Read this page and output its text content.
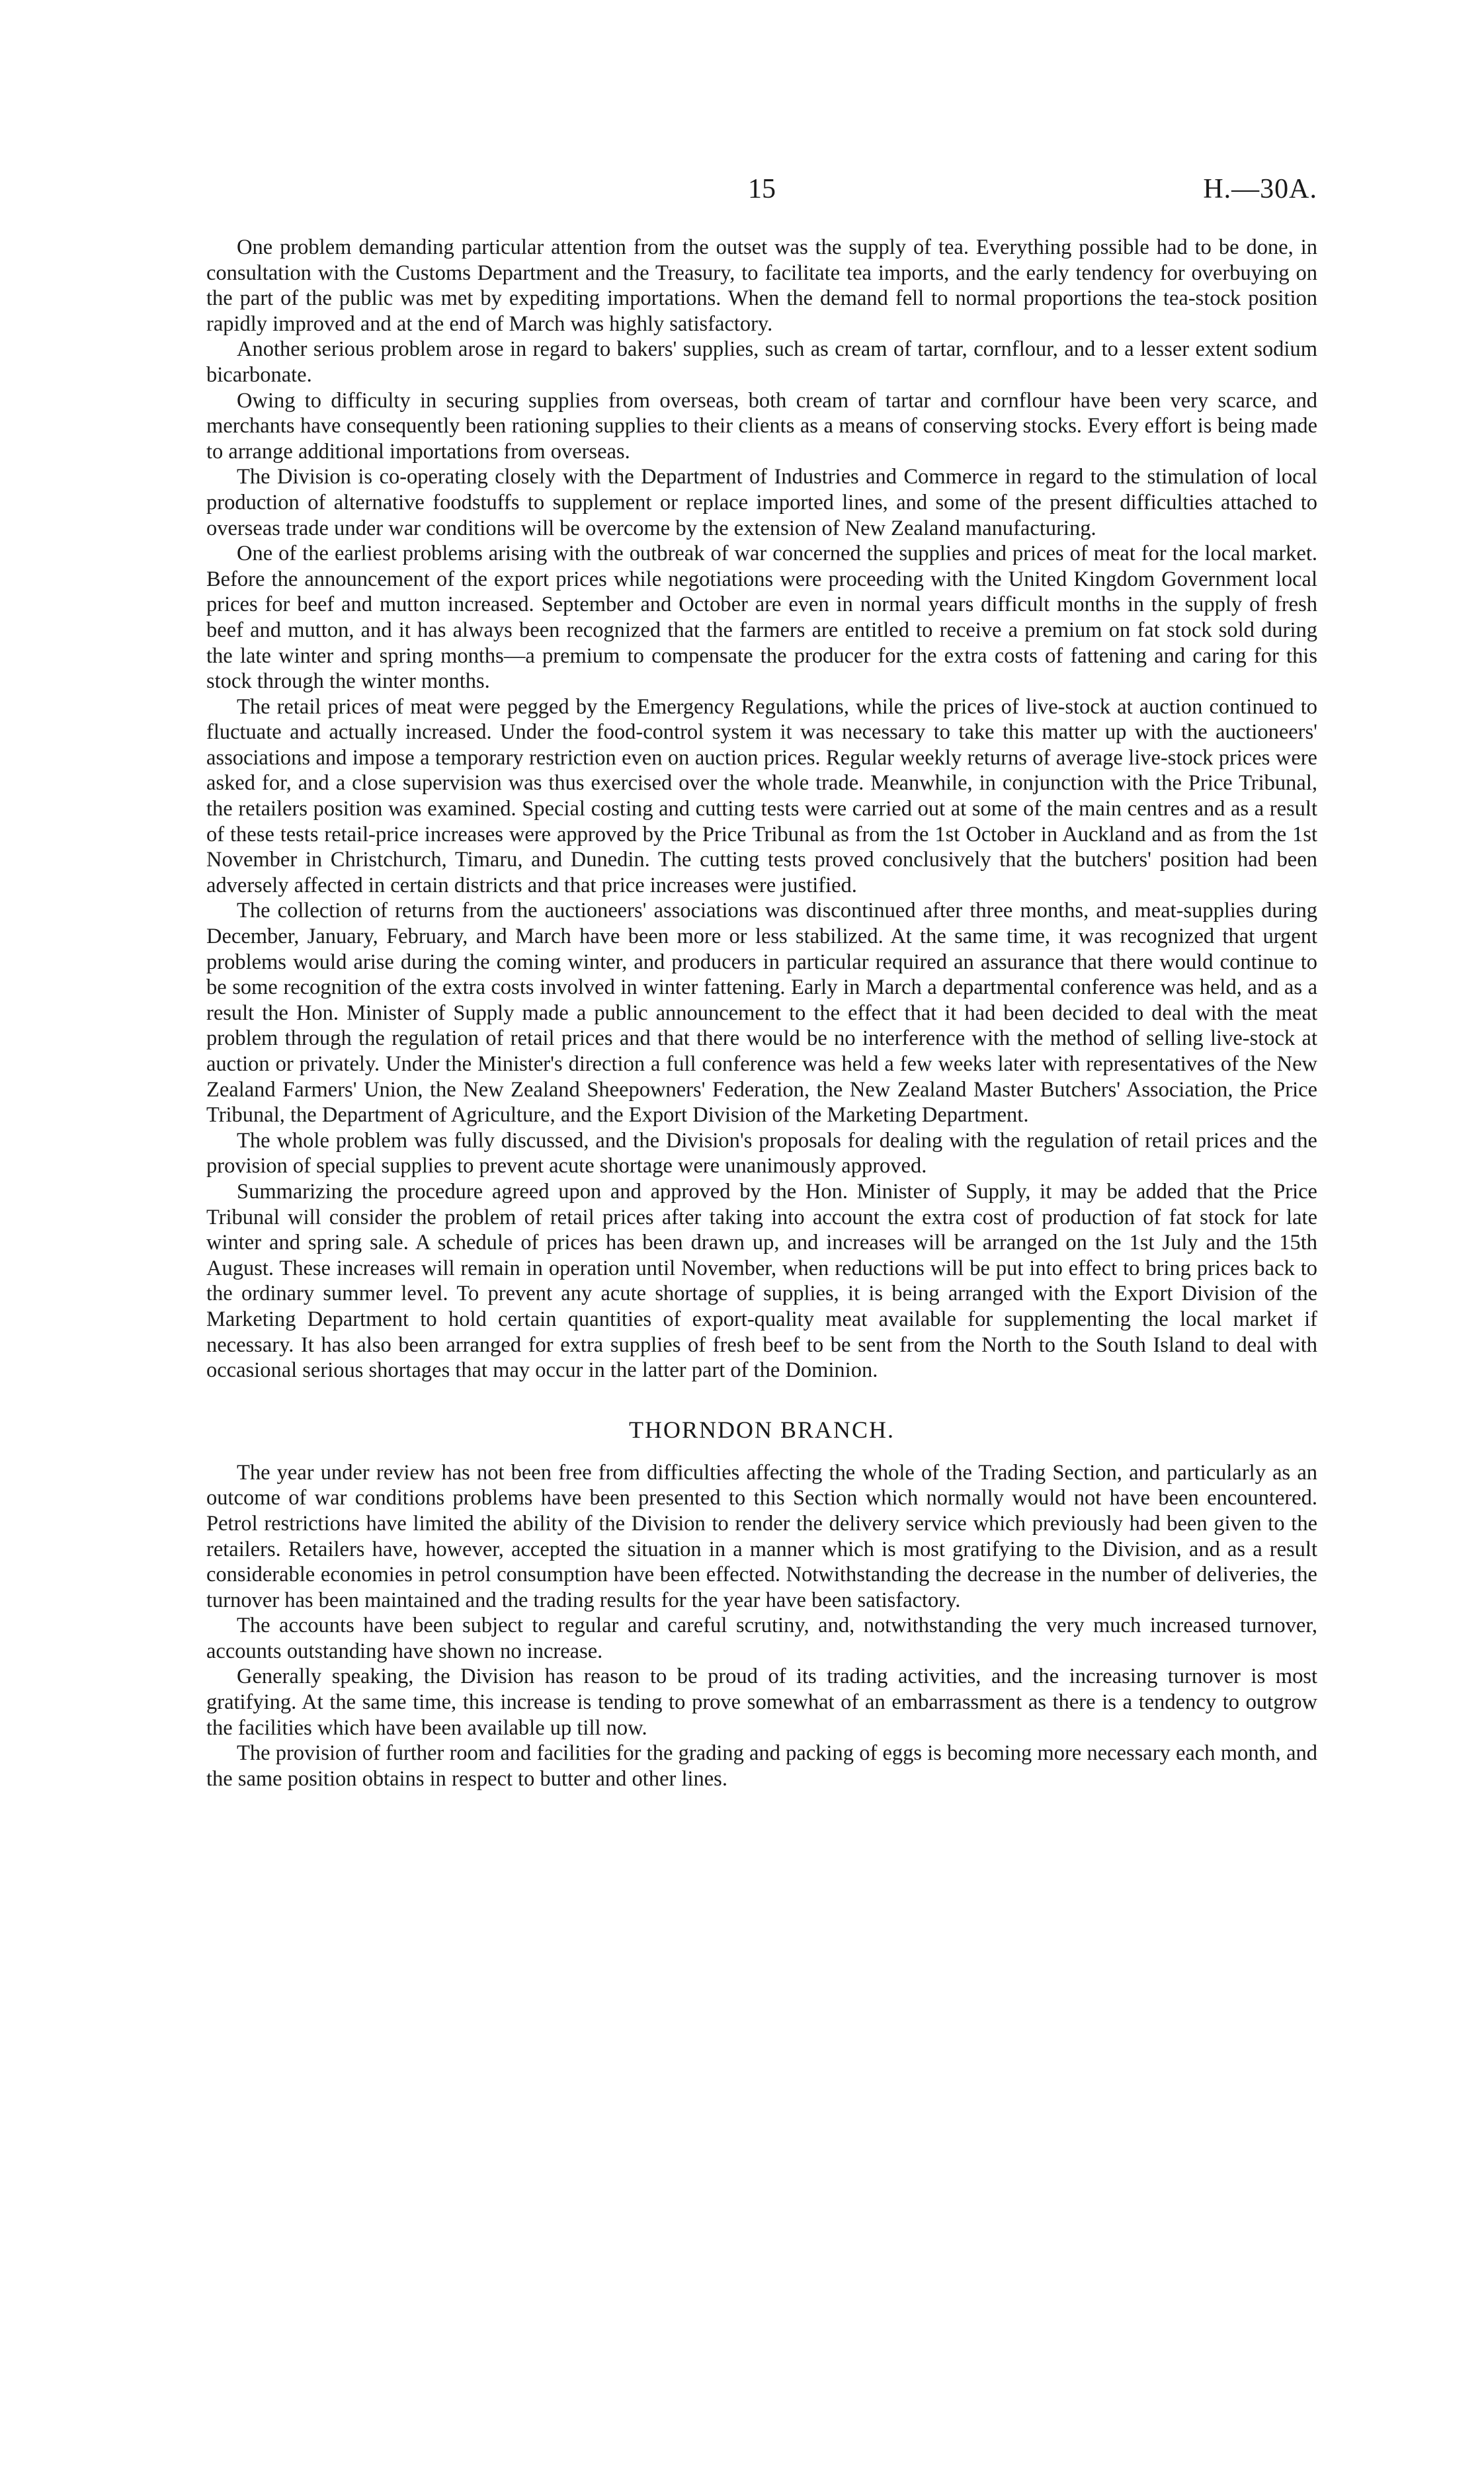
15	H.—30A.

One problem demanding particular attention from the outset was the supply of tea. Everything possible had to be done, in consultation with the Customs Department and the Treasury, to facilitate tea imports, and the early tendency for overbuying on the part of the public was met by expediting importations. When the demand fell to normal proportions the tea-stock position rapidly improved and at the end of March was highly satisfactory.

Another serious problem arose in regard to bakers' supplies, such as cream of tartar, cornflour, and to a lesser extent sodium bicarbonate.

Owing to difficulty in securing supplies from overseas, both cream of tartar and cornflour have been very scarce, and merchants have consequently been rationing supplies to their clients as a means of conserving stocks. Every effort is being made to arrange additional importations from overseas.

The Division is co-operating closely with the Department of Industries and Commerce in regard to the stimulation of local production of alternative foodstuffs to supplement or replace imported lines, and some of the present difficulties attached to overseas trade under war conditions will be overcome by the extension of New Zealand manufacturing.

One of the earliest problems arising with the outbreak of war concerned the supplies and prices of meat for the local market. Before the announcement of the export prices while negotiations were proceeding with the United Kingdom Government local prices for beef and mutton increased. September and October are even in normal years difficult months in the supply of fresh beef and mutton, and it has always been recognized that the farmers are entitled to receive a premium on fat stock sold during the late winter and spring months—a premium to compensate the producer for the extra costs of fattening and caring for this stock through the winter months.

The retail prices of meat were pegged by the Emergency Regulations, while the prices of live-stock at auction continued to fluctuate and actually increased. Under the food-control system it was necessary to take this matter up with the auctioneers' associations and impose a temporary restriction even on auction prices. Regular weekly returns of average live-stock prices were asked for, and a close supervision was thus exercised over the whole trade. Meanwhile, in conjunction with the Price Tribunal, the retailers position was examined. Special costing and cutting tests were carried out at some of the main centres and as a result of these tests retail-price increases were approved by the Price Tribunal as from the 1st October in Auckland and as from the 1st November in Christchurch, Timaru, and Dunedin. The cutting tests proved conclusively that the butchers' position had been adversely affected in certain districts and that price increases were justified.

The collection of returns from the auctioneers' associations was discontinued after three months, and meat-supplies during December, January, February, and March have been more or less stabilized. At the same time, it was recognized that urgent problems would arise during the coming winter, and producers in particular required an assurance that there would continue to be some recognition of the extra costs involved in winter fattening. Early in March a departmental conference was held, and as a result the Hon. Minister of Supply made a public announcement to the effect that it had been decided to deal with the meat problem through the regulation of retail prices and that there would be no interference with the method of selling live-stock at auction or privately. Under the Minister's direction a full conference was held a few weeks later with representatives of the New Zealand Farmers' Union, the New Zealand Sheepowners' Federation, the New Zealand Master Butchers' Association, the Price Tribunal, the Department of Agriculture, and the Export Division of the Marketing Department.

The whole problem was fully discussed, and the Division's proposals for dealing with the regulation of retail prices and the provision of special supplies to prevent acute shortage were unanimously approved.

Summarizing the procedure agreed upon and approved by the Hon. Minister of Supply, it may be added that the Price Tribunal will consider the problem of retail prices after taking into account the extra cost of production of fat stock for late winter and spring sale. A schedule of prices has been drawn up, and increases will be arranged on the 1st July and the 15th August. These increases will remain in operation until November, when reductions will be put into effect to bring prices back to the ordinary summer level. To prevent any acute shortage of supplies, it is being arranged with the Export Division of the Marketing Department to hold certain quantities of export-quality meat available for supplementing the local market if necessary. It has also been arranged for extra supplies of fresh beef to be sent from the North to the South Island to deal with occasional serious shortages that may occur in the latter part of the Dominion.

THORNDON BRANCH.

The year under review has not been free from difficulties affecting the whole of the Trading Section, and particularly as an outcome of war conditions problems have been presented to this Section which normally would not have been encountered. Petrol restrictions have limited the ability of the Division to render the delivery service which previously had been given to the retailers. Retailers have, however, accepted the situation in a manner which is most gratifying to the Division, and as a result considerable economies in petrol consumption have been effected. Notwithstanding the decrease in the number of deliveries, the turnover has been maintained and the trading results for the year have been satisfactory.

The accounts have been subject to regular and careful scrutiny, and, notwithstanding the very much increased turnover, accounts outstanding have shown no increase.

Generally speaking, the Division has reason to be proud of its trading activities, and the increasing turnover is most gratifying. At the same time, this increase is tending to prove somewhat of an embarrassment as there is a tendency to outgrow the facilities which have been available up till now.

The provision of further room and facilities for the grading and packing of eggs is becoming more necessary each month, and the same position obtains in respect to butter and other lines.
